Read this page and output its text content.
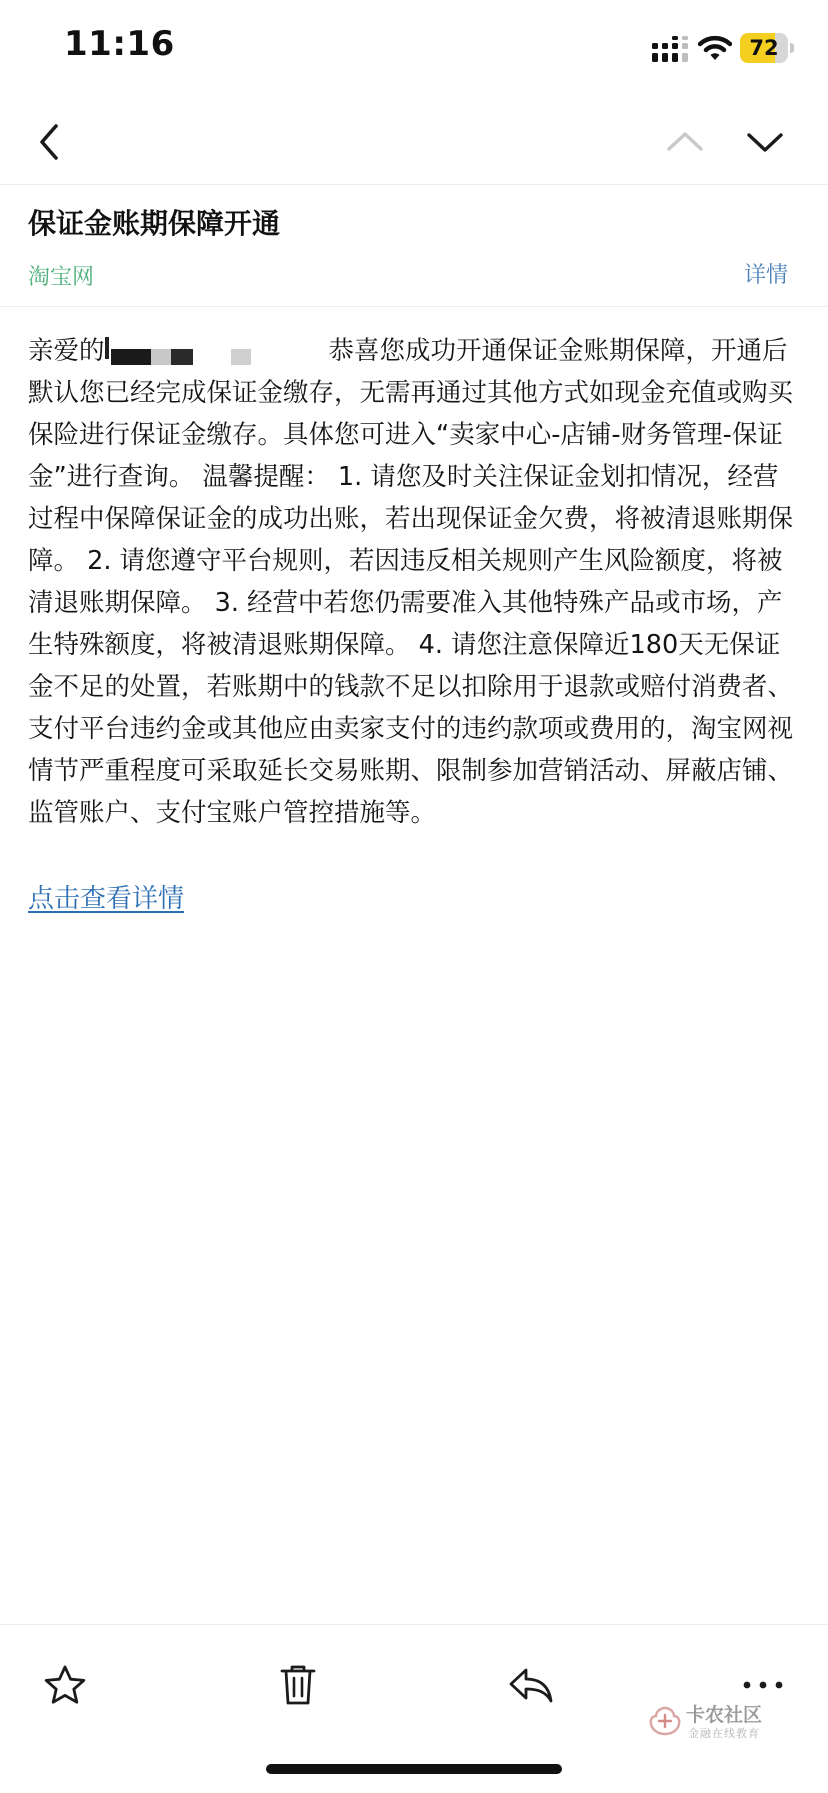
11:16	72
保证金账期保障开通
淘宝网	详情
亲爱的	恭喜您成功开通保证金账期保障，开通后默认您已经完成保证金缴存，无需再通过其他方式如现金充值或购买保险进行保证金缴存。具体您可进入“卖家中心-店铺-财务管理-保证金”进行查询。 温馨提醒： 1. 请您及时关注保证金划扣情况，经营过程中保障保证金的成功出账，若出现保证金欠费，将被清退账期保障。 2. 请您遵守平台规则，若因违反相关规则产生风险额度，将被清退账期保障。 3. 经营中若您仍需要准入其他特殊产品或市场，产生特殊额度，将被清退账期保障。 4. 请您注意保障近180天无保证金不足的处置，若账期中的钱款不足以扣除用于退款或赔付消费者、支付平台违约金或其他应由卖家支付的违约款项或费用的，淘宝网视情节严重程度可采取延长交易账期、限制参加营销活动、屏蔽店铺、监管账户、支付宝账户管控措施等。
点击查看详情
卡农社区
金融在线教育
